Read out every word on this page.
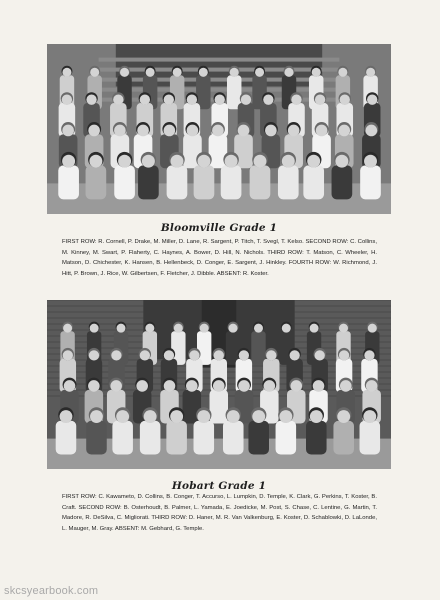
Bloomville Grade 1

FIRST ROW: R. Cornell, P. Drake, M. Miller, D. Lane, R. Sargent, P. Titch, T. Svegl, T. Kelso. SECOND ROW: C. Collins, M. Kinney, M. Swart, P. Flaherty, C. Haynes, A. Bower, D. Hill, N. Nichols. THIRD ROW: T. Matson, C. Wheeler, H. Matson, D. Chichester, K. Hansen, B. Hellenbeck, D. Conger, E. Sargent, J. Hinkley. FOURTH ROW: W. Richmond, J. Hitt, P. Brown, J. Rice, W. Gilbertsen, F. Fletcher, J. Dibble. ABSENT: R. Koster.

Hobart Grade 1

FIRST ROW: C. Kawameto, D. Collins, B. Conger, T. Accurso, L. Lumpkin, D. Temple, K. Clark, G. Perkins, T. Koster, B. Craft. SECOND ROW: B. Osterhoudt, B. Palmer, L. Yamada, E. Joedicke, M. Post, S. Chase, C. Lentine, G. Martin, T. Madore, R. DeSilva, C. Migliorati. THIRD ROW: D. Haner, M. R. Van Valkenburg, E. Koster, D. Schablowki, D. LaLonde, L. Mauger, M. Gray. ABSENT: M. Gebhard, G. Temple.

skcsyearbook.com
